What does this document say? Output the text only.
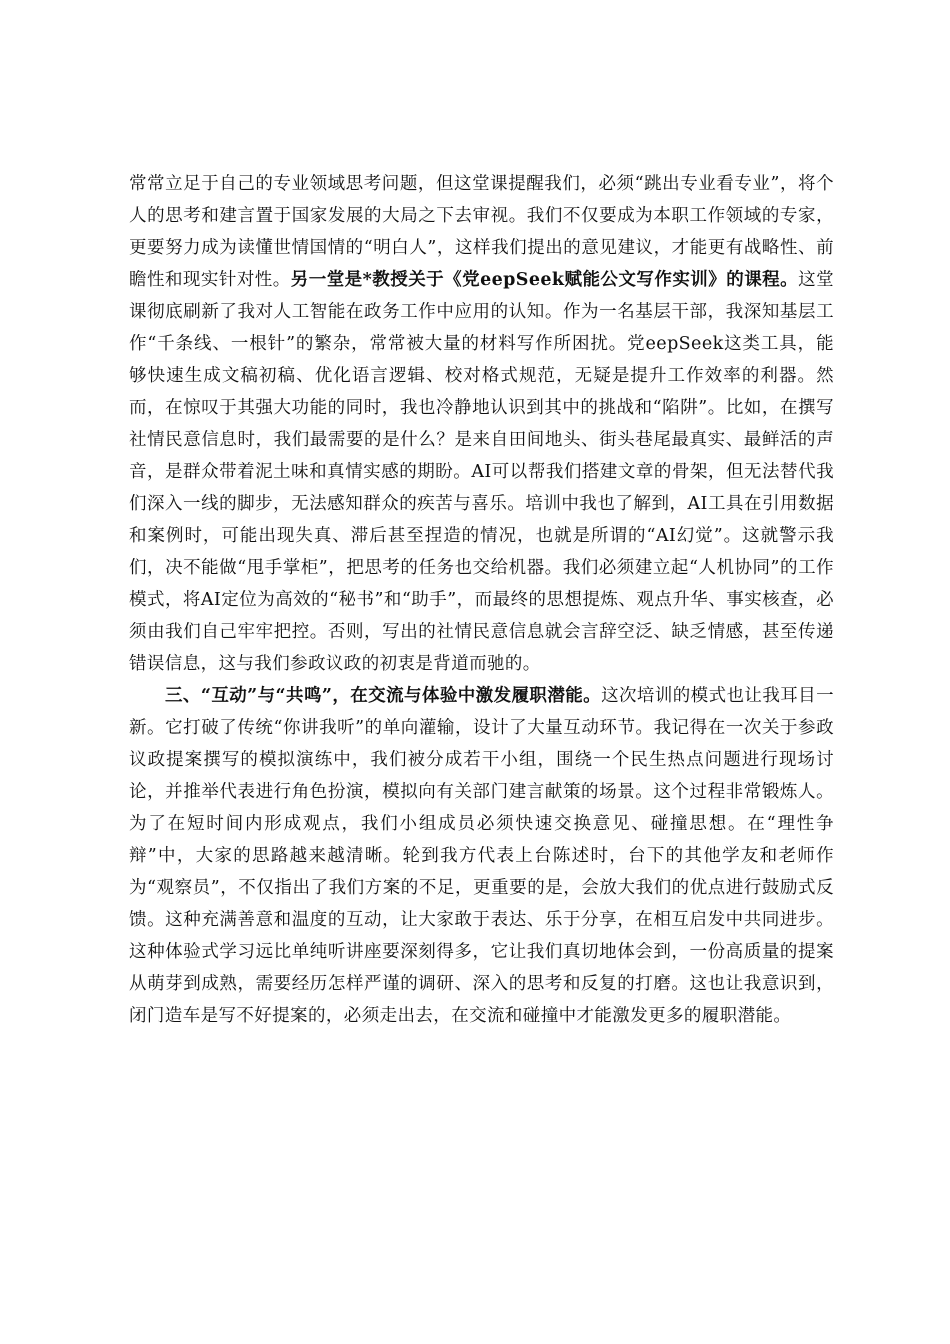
常常立足于自己的专业领域思考问题，但这堂课提醒我们，必须“跳出专业看专业”，将个人的思考和建言置于国家发展的大局之下去审视。我们不仅要成为本职工作领域的专家，更要努力成为读懂世情国情的“明白人”，这样我们提出的意见建议，才能更有战略性、前瞻性和现实针对性。另一堂是*教授关于《党eepSeek赋能公文写作实训》的课程。这堂课彻底刷新了我对人工智能在政务工作中应用的认知。作为一名基层干部，我深知基层工作“千条线、一根针”的繁杂，常常被大量的材料写作所困扰。党eepSeek这类工具，能够快速生成文稿初稿、优化语言逻辑、校对格式规范，无疑是提升工作效率的利器。然而，在惊叹于其强大功能的同时，我也冷静地认识到其中的挑战和“陷阱”。比如，在撰写社情民意信息时，我们最需要的是什么？是来自田间地头、街头巷尾最真实、最鲜活的声音，是群众带着泥土味和真情实感的期盼。AI可以帮我们搭建文章的骨架，但无法替代我们深入一线的脚步，无法感知群众的疾苦与喜乐。培训中我也了解到，AI工具在引用数据和案例时，可能出现失真、滞后甚至捏造的情况，也就是所谓的“AI幻觉”。这就警示我们，决不能做“甩手掌柜”，把思考的任务也交给机器。我们必须建立起“人机协同”的工作模式，将AI定位为高效的“秘书”和“助手”，而最终的思想提炼、观点升华、事实核查，必须由我们自己牢牢把控。否则，写出的社情民意信息就会言辞空泛、缺乏情感，甚至传递错误信息，这与我们参政议政的初衷是背道而驰的。

三、“互动”与“共鸣”，在交流与体验中激发履职潜能。这次培训的模式也让我耳目一新。它打破了传统“你讲我听”的单向灌输，设计了大量互动环节。我记得在一次关于参政议政提案撰写的模拟演练中，我们被分成若干小组，围绕一个民生热点问题进行现场讨论，并推举代表进行角色扮演，模拟向有关部门建言献策的场景。这个过程非常锻炼人。为了在短时间内形成观点，我们小组成员必须快速交换意见、碰撞思想。在“理性争辩”中，大家的思路越来越清晰。轮到我方代表上台陈述时，台下的其他学友和老师作为“观察员”，不仅指出了我们方案的不足，更重要的是，会放大我们的优点进行鼓励式反馈。这种充满善意和温度的互动，让大家敢于表达、乐于分享，在相互启发中共同进步。这种体验式学习远比单纯听讲座要深刻得多，它让我们真切地体会到，一份高质量的提案从萌芽到成熟，需要经历怎样严谨的调研、深入的思考和反复的打磨。这也让我意识到，闭门造车是写不好提案的，必须走出去，在交流和碰撞中才能激发更多的履职潜能。
